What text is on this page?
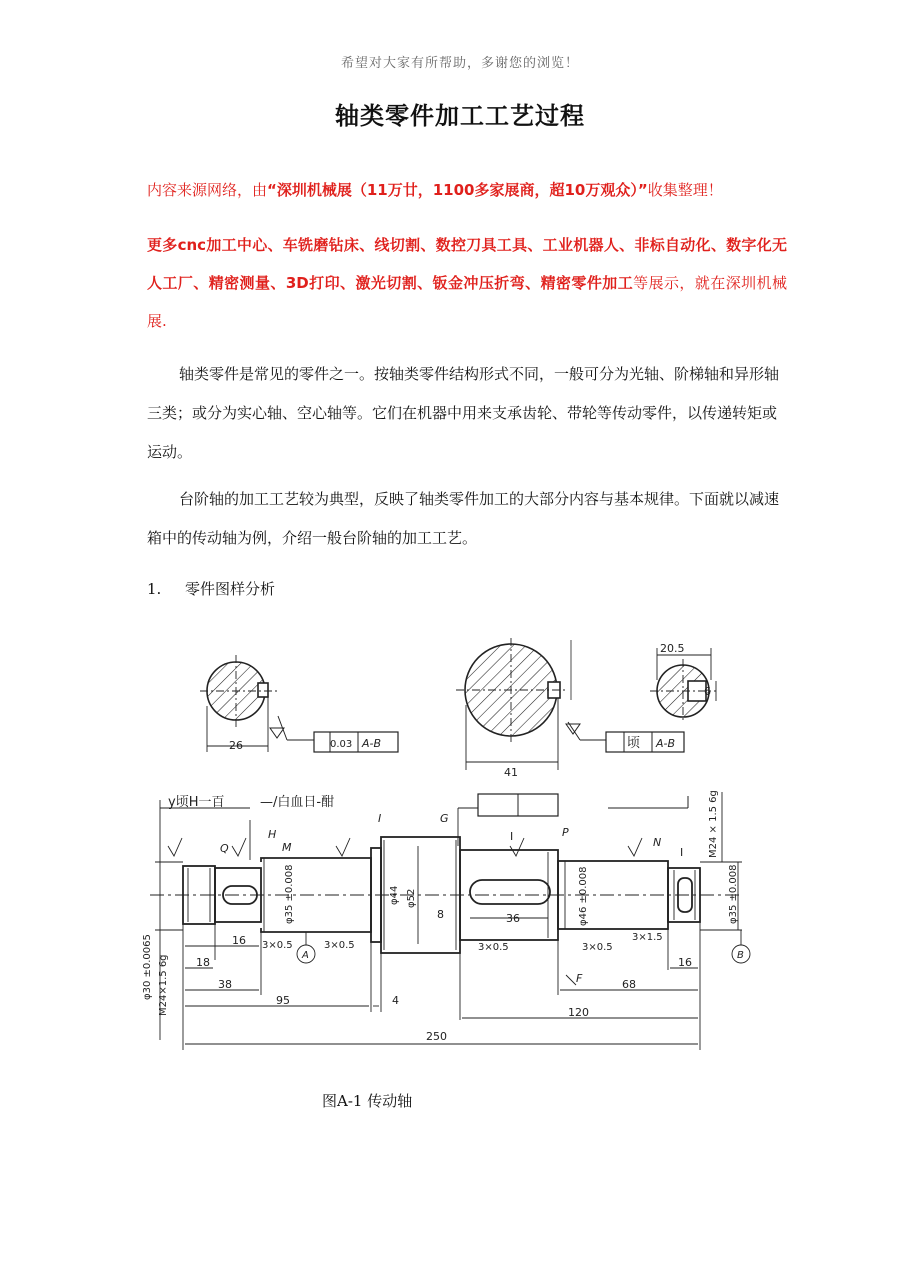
希望对大家有所帮助，多谢您的浏览！
轴类零件加工工艺过程
内容来源网络，由“深圳机械展（11万廿，1100多家展商，超10万观众）”收集整理！
更多cnc加工中心、车铣磨钻床、线切割、数控刀具工具、工业机器人、非标自动化、数字化无人工厂、精密测量、3D打印、激光切割、钣金冲压折弯、精密零件加工等展示，就在深圳机械展.
轴类零件是常见的零件之一。按轴类零件结构形式不同，一般可分为光轴、阶梯轴和异形轴三类；或分为实心轴、空心轴等。它们在机器中用来支承齿轮、带轮等传动零件，以传递转矩或运动。
台阶轴的加工工艺较为典型，反映了轴类零件加工的大部分内容与基本规律。下面就以减速箱中的传动轴为例，介绍一般台阶轴的加工工艺。
1. 零件图样分析
26	0.03 A-B
41
顷 A-B
20.5
6
y顷H一百	—/白血日-酣
Q	M
H
I	G
I	P
N
I
A	B
F
16
18
38
95	4
8	36
120
68
16
250
3×0.5	3×0.5	3×0.5	3×0.5
3×1.5
φ35 ±0.008	φ44 φ52	φ46 ±0.008	φ35 ±0.008
M24 × 1.5 6g
φ30 ±0.0065 M24×1.5 6g
图A-1 传动轴
